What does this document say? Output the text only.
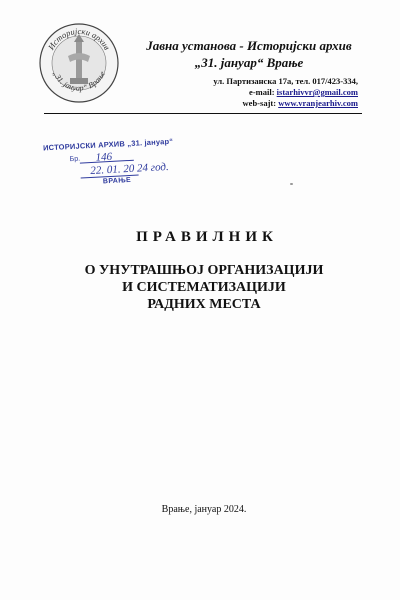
Историјски архив
„31. јануар“ Врање
Јавна установа - Историјски архив
„31. јануар“ Врање
ул. Партизанска 17а, тел. 017/423-334,
e-mail: istarhivvr@gmail.com
web-sajt: www.vranjearhiv.com
ИСТОРИЈСКИ АРХИВ „31. јануар“
Бр. 146
22. 01. 20 24 год.
ВРАЊЕ
ПРАВИЛНИК
О УНУТРАШЊОЈ ОРГАНИЗАЦИЈИ
И СИСТЕМАТИЗАЦИЈИ
РАДНИХ МЕСТА
Врање, јануар 2024.
